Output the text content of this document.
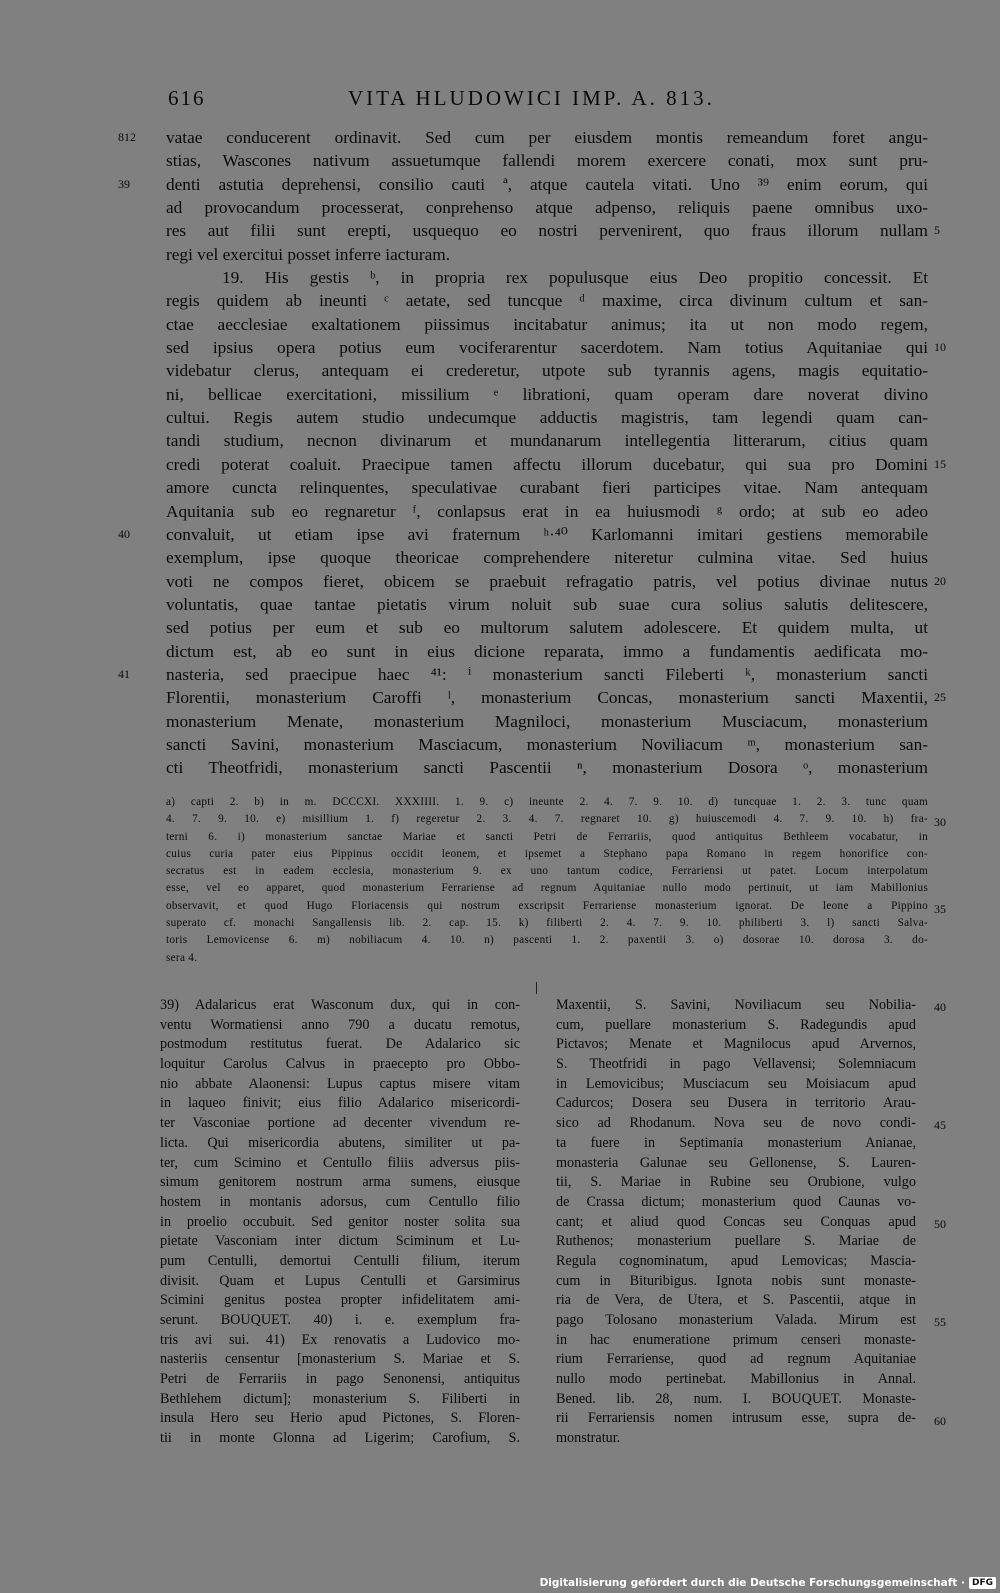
616	VITA HLUDOWICI IMP. A. 813.
vatae conducerent ordinavit. Sed cum per eiusdem montis remeandum foret angu-
stias, Wascones nativum assuetumque fallendi morem exercere conati, mox sunt pru-
denti astutia deprehensi, consilio cauti ª, atque cautela vitati. Uno ³⁹ enim eorum, qui
ad provocandum processerat, conprehenso atque adpenso, reliquis paene omnibus uxo-
res aut filii sunt erepti, usquequo eo nostri pervenirent, quo fraus illorum nullam
regi vel exercitui posset inferre iacturam.
19. His gestis ᵇ, in propria rex populusque eius Deo propitio concessit. Et
regis quidem ab ineunti ᶜ aetate, sed tuncque ᵈ maxime, circa divinum cultum et san-
ctae aecclesiae exaltationem piissimus incitabatur animus; ita ut non modo regem,
sed ipsius opera potius eum vociferarentur sacerdotem. Nam totius Aquitaniae qui
videbatur clerus, antequam ei crederetur, utpote sub tyrannis agens, magis equitatio-
ni, bellicae exercitationi, missilium ᵉ librationi, quam operam dare noverat divino
cultui. Regis autem studio undecumque adductis magistris, tam legendi quam can-
tandi studium, necnon divinarum et mundanarum intellegentia litterarum, citius quam
credi poterat coaluit. Praecipue tamen affectu illorum ducebatur, qui sua pro Domini
amore cuncta relinquentes, speculativae curabant fieri participes vitae. Nam antequam
Aquitania sub eo regnaretur ᶠ, conlapsus erat in ea huiusmodi ᵍ ordo; at sub eo adeo
convaluit, ut etiam ipse avi fraternum ʰ·⁴⁰ Karlomanni imitari gestiens memorabile
exemplum, ipse quoque theoricae comprehendere niteretur culmina vitae. Sed huius
voti ne compos fieret, obicem se praebuit refragatio patris, vel potius divinae nutus
voluntatis, quae tantae pietatis virum noluit sub suae cura solius salutis delitescere,
sed potius per eum et sub eo multorum salutem adolescere. Et quidem multa, ut
dictum est, ab eo sunt in eius dicione reparata, immo a fundamentis aedificata mo-
nasteria, sed praecipue haec ⁴¹: ⁱ monasterium sancti Fileberti ᵏ, monasterium sancti
Florentii, monasterium Caroffi ˡ, monasterium Concas, monasterium sancti Maxentii,
monasterium Menate, monasterium Magniloci, monasterium Musciacum, monasterium
sancti Savini, monasterium Masciacum, monasterium Noviliacum ᵐ, monasterium san-
cti Theotfridi, monasterium sancti Pascentii ⁿ, monasterium Dosora ᵒ, monasterium
812
39
40
41
5
10
15
20
25
a) capti 2. b) in m. DCCCXI. XXXIIII. 1. 9. c) ineunte 2. 4. 7. 9. 10. d) tuncquae 1. 2. 3. tunc quam
4. 7. 9. 10. e) misillium 1. f) regeretur 2. 3. 4. 7. regnaret 10. g) huiuscemodi 4. 7. 9. 10. h) fra-
terni 6. i) monasterium sanctae Mariae et sancti Petri de Ferrariis, quod antiquitus Bethleem vocabatur, in
cuius curia pater eius Pippinus occidit leonem, et ipsemet a Stephano papa Romano in regem honorifice con-
secratus est in eadem ecclesia, monasterium 9. ex uno tantum codice, Ferrariensi ut patet. Locum interpolatum
esse, vel eo apparet, quod monasterium Ferrariense ad regnum Aquitaniae nullo modo pertinuit, ut iam Mabillonius
observavit, et quod Hugo Floriacensis qui nostrum exscripsit Ferrariense monasterium ignorat. De leone a Pippino
superato cf. monachi Sangallensis lib. 2. cap. 15. k) filiberti 2. 4. 7. 9. 10. philiberti 3. l) sancti Salva-
toris Lemovicense 6. m) nobiliacum 4. 10. n) pascenti 1. 2. paxentii 3. o) dosorae 10. dorosa 3. do-
sera 4.
30
35
39) Adalaricus erat Wasconum dux, qui in con-
ventu Wormatiensi anno 790 a ducatu remotus,
postmodum restitutus fuerat. De Adalarico sic
loquitur Carolus Calvus in praecepto pro Obbo-
nio abbate Alaonensi: Lupus captus misere vitam
in laqueo finivit; eius filio Adalarico misericordi-
ter Vasconiae portione ad decenter vivendum re-
licta. Qui misericordia abutens, similiter ut pa-
ter, cum Scimino et Centullo filiis adversus piis-
simum genitorem nostrum arma sumens, eiusque
hostem in montanis adorsus, cum Centullo filio
in proelio occubuit. Sed genitor noster solita sua
pietate Vasconiam inter dictum Sciminum et Lu-
pum Centulli, demortui Centulli filium, iterum
divisit. Quam et Lupus Centulli et Garsimirus
Scimini genitus postea propter infidelitatem ami-
serunt. BOUQUET. 40) i. e. exemplum fra-
tris avi sui. 41) Ex renovatis a Ludovico mo-
nasteriis censentur [monasterium S. Mariae et S.
Petri de Ferrariis in pago Senonensi, antiquitus
Bethlehem dictum]; monasterium S. Filiberti in
insula Hero seu Herio apud Pictones, S. Floren-
tii in monte Glonna ad Ligerim; Carofium, S.
Maxentii, S. Savini, Noviliacum seu Nobilia-
cum, puellare monasterium S. Radegundis apud
Pictavos; Menate et Magnilocus apud Arvernos,
S. Theotfridi in pago Vellavensi; Solemniacum
in Lemovicibus; Musciacum seu Moisiacum apud
Cadurcos; Dosera seu Dusera in territorio Arau-
sico ad Rhodanum. Nova seu de novo condi-
ta fuere in Septimania monasterium Anianae,
monasteria Galunae seu Gellonense, S. Lauren-
tii, S. Mariae in Rubine seu Orubione, vulgo
de Crassa dictum; monasterium quod Caunas vo-
cant; et aliud quod Concas seu Conquas apud
Ruthenos; monasterium puellare S. Mariae de
Regula cognominatum, apud Lemovicas; Mascia-
cum in Bituribigus. Ignota nobis sunt monaste-
ria de Vera, de Utera, et S. Pascentii, atque in
pago Tolosano monasterium Valada. Mirum est
in hac enumeratione primum censeri monaste-
rium Ferrariense, quod ad regnum Aquitaniae
nullo modo pertinebat. Mabillonius in Annal.
Bened. lib. 28, num. I. BOUQUET. Monaste-
rii Ferrariensis nomen intrusum esse, supra de-
monstratur.
40
45
50
55
60
Digitalisierung gefördert durch die Deutsche Forschungsgemeinschaft · DFG
